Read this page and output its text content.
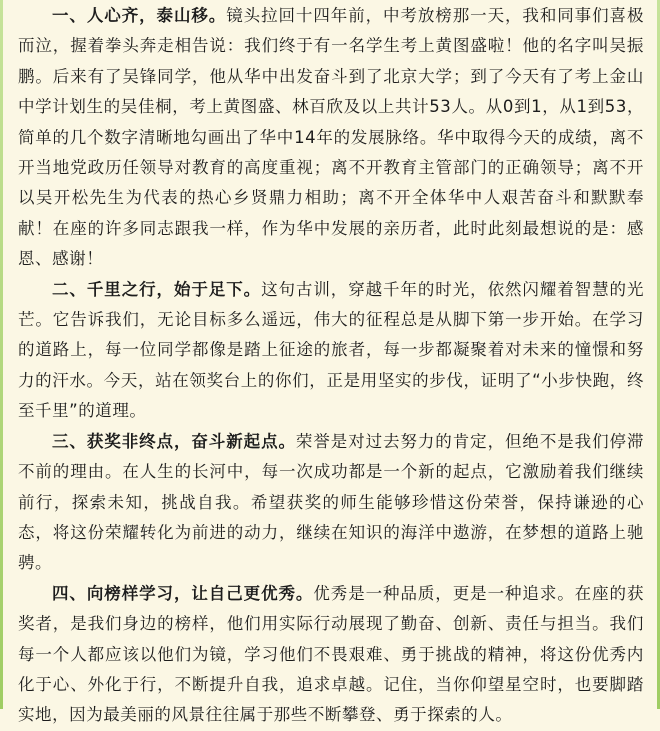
一、人心齐，泰山移。镜头拉回十四年前，中考放榜那一天，我和同事们喜极而泣，握着拳头奔走相告说：我们终于有一名学生考上黄图盛啦！他的名字叫吴振鹏。后来有了吴锋同学，他从华中出发奋斗到了北京大学；到了今天有了考上金山中学计划生的吴佳桐，考上黄图盛、林百欣及以上共计53人。从0到1，从1到53，简单的几个数字清晰地勾画出了华中14年的发展脉络。华中取得今天的成绩，离不开当地党政历任领导对教育的高度重视；离不开教育主管部门的正确领导；离不开以吴开松先生为代表的热心乡贤鼎力相助；离不开全体华中人艰苦奋斗和默默奉献！在座的许多同志跟我一样，作为华中发展的亲历者，此时此刻最想说的是：感恩、感谢！

二、千里之行，始于足下。这句古训，穿越千年的时光，依然闪耀着智慧的光芒。它告诉我们，无论目标多么遥远，伟大的征程总是从脚下第一步开始。在学习的道路上，每一位同学都像是踏上征途的旅者，每一步都凝聚着对未来的憧憬和努力的汗水。今天，站在领奖台上的你们，正是用坚实的步伐，证明了“小步快跑，终至千里”的道理。

三、获奖非终点，奋斗新起点。荣誉是对过去努力的肯定，但绝不是我们停滞不前的理由。在人生的长河中，每一次成功都是一个新的起点，它激励着我们继续前行，探索未知，挑战自我。希望获奖的师生能够珍惜这份荣誉，保持谦逊的心态，将这份荣耀转化为前进的动力，继续在知识的海洋中遨游，在梦想的道路上驰骋。

四、向榜样学习，让自己更优秀。优秀是一种品质，更是一种追求。在座的获奖者，是我们身边的榜样，他们用实际行动展现了勤奋、创新、责任与担当。我们每一个人都应该以他们为镜，学习他们不畏艰难、勇于挑战的精神，将这份优秀内化于心、外化于行，不断提升自我，追求卓越。记住，当你仰望星空时，也要脚踏实地，因为最美丽的风景往往属于那些不断攀登、勇于探索的人。
